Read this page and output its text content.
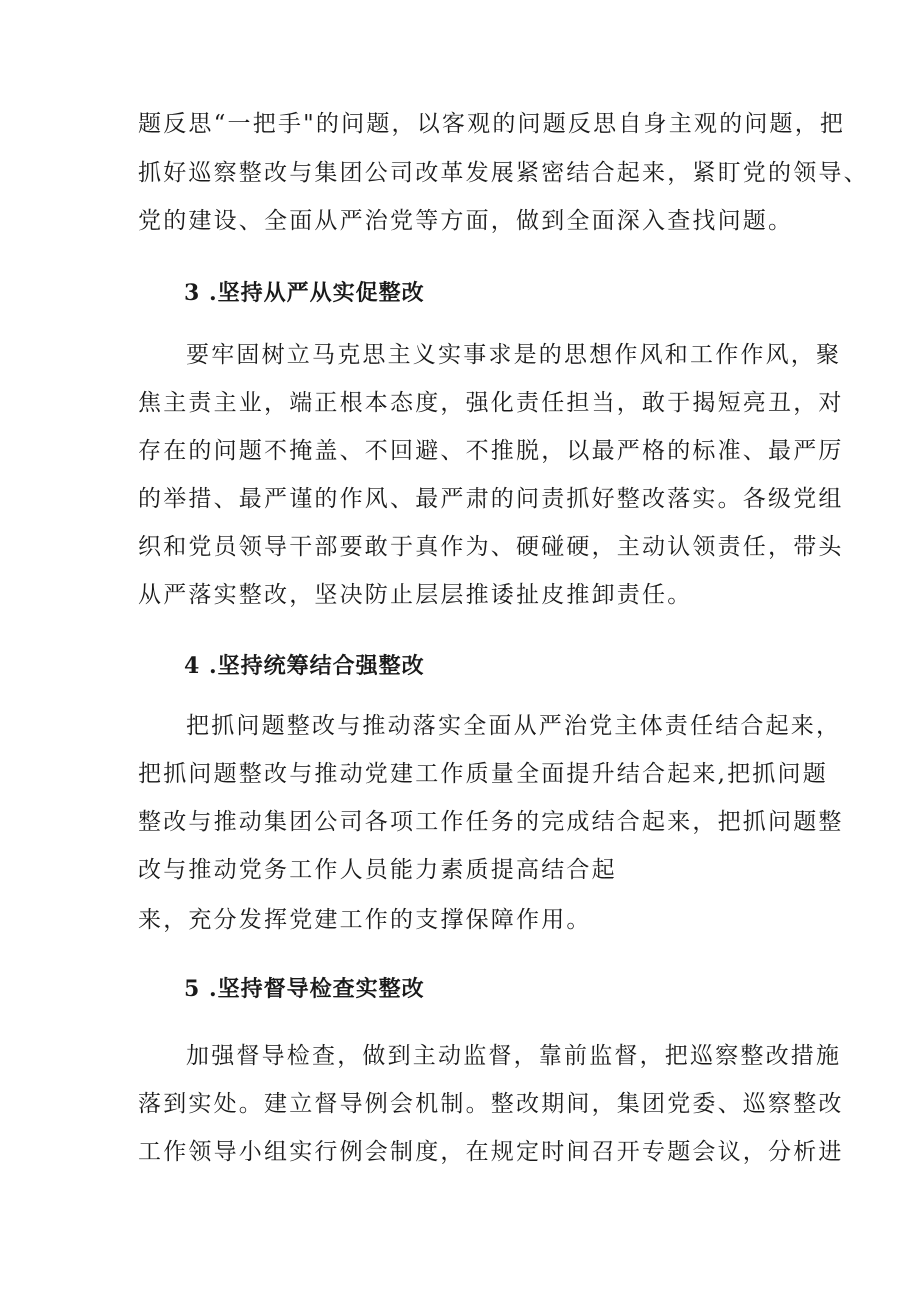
题反思“一把手"的问题，以客观的问题反思自身主观的问题，把
抓好巡察整改与集团公司改革发展紧密结合起来，紧盯党的领导、
党的建设、全面从严治党等方面，做到全面深入查找问题。
3 .坚持从严从实促整改
要牢固树立马克思主义实事求是的思想作风和工作作风，聚
焦主责主业，端正根本态度，强化责任担当，敢于揭短亮丑，对
存在的问题不掩盖、不回避、不推脱，以最严格的标准、最严厉
的举措、最严谨的作风、最严肃的问责抓好整改落实。各级党组
织和党员领导干部要敢于真作为、硬碰硬，主动认领责任，带头
从严落实整改，坚决防止层层推诿扯皮推卸责任。
4 .坚持统筹结合强整改
把抓问题整改与推动落实全面从严治党主体责任结合起来，
把抓问题整改与推动党建工作质量全面提升结合起来,把抓问题
整改与推动集团公司各项工作任务的完成结合起来，把抓问题整
改与推动党务工作人员能力素质提高结合起
来，充分发挥党建工作的支撑保障作用。
5 .坚持督导检查实整改
加强督导检查，做到主动监督，靠前监督，把巡察整改措施
落到实处。建立督导例会机制。整改期间，集团党委、巡察整改
工作领导小组实行例会制度，在规定时间召开专题会议，分析进
